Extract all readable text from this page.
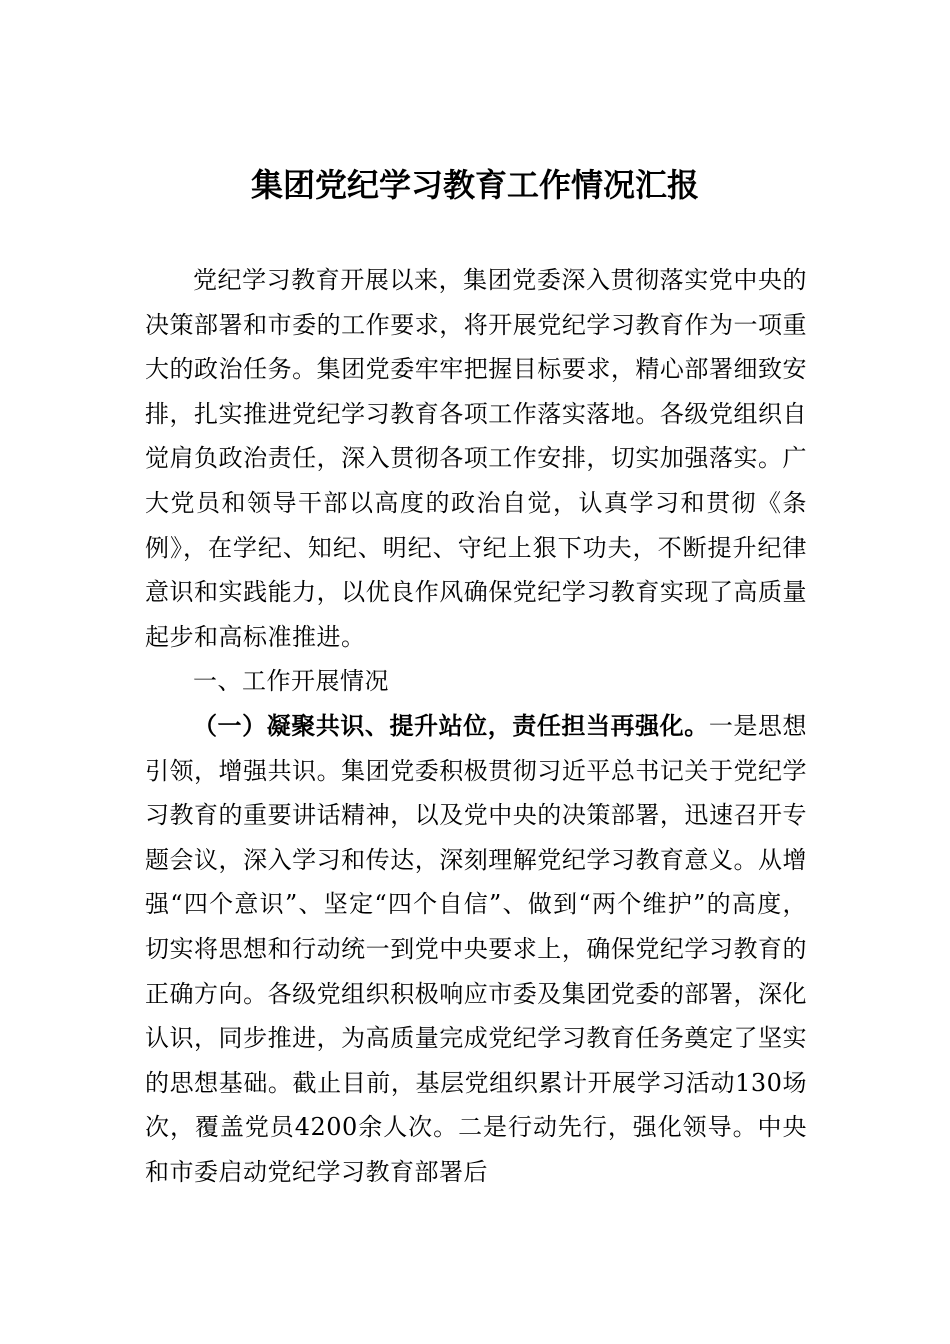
集团党纪学习教育工作情况汇报

党纪学习教育开展以来，集团党委深入贯彻落实党中央的决策部署和市委的工作要求，将开展党纪学习教育作为一项重大的政治任务。集团党委牢牢把握目标要求，精心部署细致安排，扎实推进党纪学习教育各项工作落实落地。各级党组织自觉肩负政治责任，深入贯彻各项工作安排，切实加强落实。广大党员和领导干部以高度的政治自觉，认真学习和贯彻《条例》，在学纪、知纪、明纪、守纪上狠下功夫，不断提升纪律意识和实践能力，以优良作风确保党纪学习教育实现了高质量起步和高标准推进。

一、工作开展情况

（一）凝聚共识、提升站位，责任担当再强化。一是思想引领，增强共识。集团党委积极贯彻习近平总书记关于党纪学习教育的重要讲话精神，以及党中央的决策部署，迅速召开专题会议，深入学习和传达，深刻理解党纪学习教育意义。从增强“四个意识”、坚定“四个自信”、做到“两个维护”的高度，切实将思想和行动统一到党中央要求上，确保党纪学习教育的正确方向。各级党组织积极响应市委及集团党委的部署，深化认识，同步推进，为高质量完成党纪学习教育任务奠定了坚实的思想基础。截止目前，基层党组织累计开展学习活动130场次，覆盖党员4200余人次。二是行动先行，强化领导。中央和市委启动党纪学习教育部署后
